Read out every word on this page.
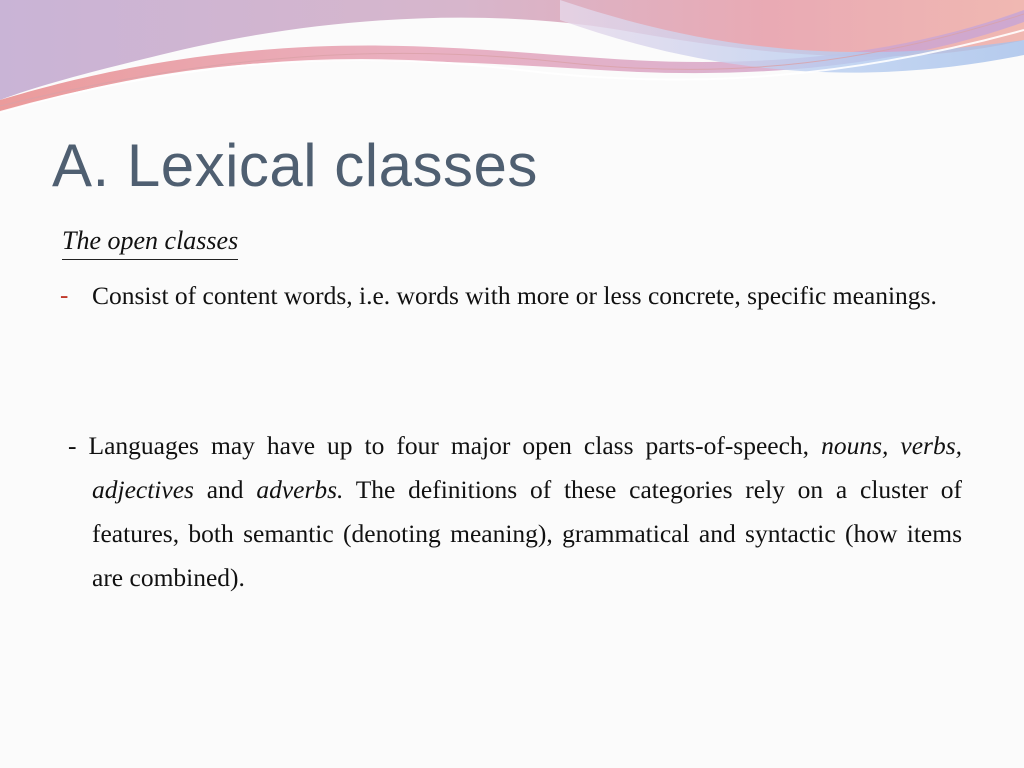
A. Lexical classes
The open classes
- Consist of content words, i.e. words with more or less concrete, specific meanings.

- Languages may have up to four major open class parts-of-speech, nouns, verbs, adjectives and adverbs. The definitions of these categories rely on a cluster of features, both semantic (denoting meaning), grammatical and syntactic (how items are combined).
